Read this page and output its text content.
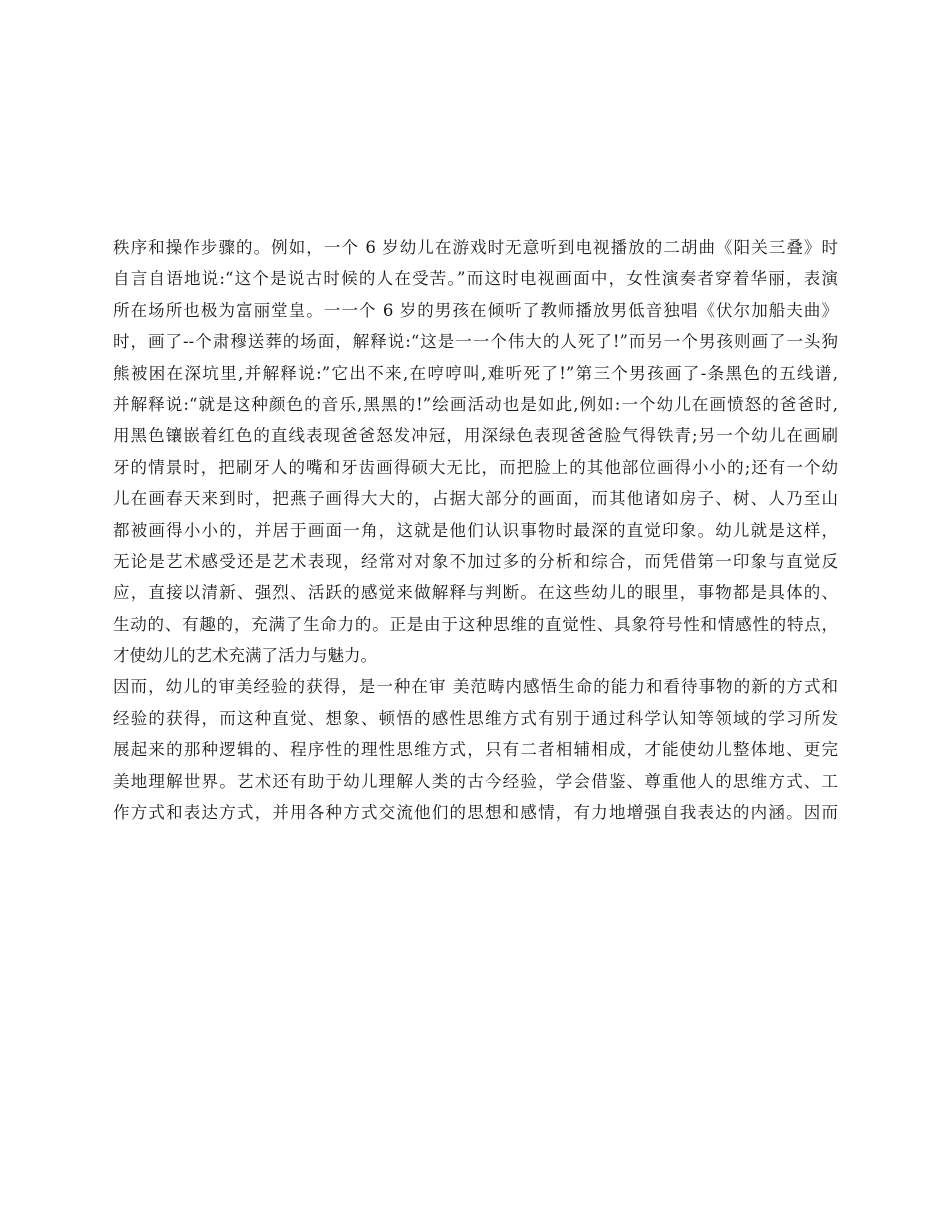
秩序和操作步骤的。例如，一个 6 岁幼儿在游戏时无意听到电视播放的二胡曲《阳关三叠》时
自言自语地说:“这个是说古时候的人在受苦。”而这时电视画面中，女性演奏者穿着华丽，表演
所在场所也极为富丽堂皇。一一个 6 岁的男孩在倾听了教师播放男低音独唱《伏尔加船夫曲》
时，画了--个肃穆送葬的场面，解释说:“这是一一个伟大的人死了!”而另一个男孩则画了一头狗
熊被困在深坑里,并解释说:”它出不来,在哼哼叫,难听死了!”第三个男孩画了-条黑色的五线谱,
并解释说:“就是这种颜色的音乐,黑黑的!”绘画活动也是如此,例如:一个幼儿在画愤怒的爸爸时,
用黑色镶嵌着红色的直线表现爸爸怒发冲冠，用深绿色表现爸爸脸气得铁青;另一个幼儿在画刷
牙的情景时，把刷牙人的嘴和牙齿画得硕大无比，而把脸上的其他部位画得小小的;还有一个幼
儿在画春天来到时，把燕子画得大大的，占据大部分的画面，而其他诸如房子、树、人乃至山
都被画得小小的，并居于画面一角，这就是他们认识事物时最深的直觉印象。幼儿就是这样，
无论是艺术感受还是艺术表现，经常对对象不加过多的分析和综合，而凭借第一印象与直觉反
应，直接以清新、强烈、活跃的感觉来做解释与判断。在这些幼儿的眼里，事物都是具体的、
生动的、有趣的，充满了生命力的。正是由于这种思维的直觉性、具象符号性和情感性的特点，
才使幼儿的艺术充满了活力与魅力。
因而，幼儿的审美经验的获得，是一种在审 美范畴内感悟生命的能力和看待事物的新的方式和
经验的获得，而这种直觉、想象、顿悟的感性思维方式有别于通过科学认知等领域的学习所发
展起来的那种逻辑的、程序性的理性思维方式，只有二者相辅相成，才能使幼儿整体地、更完
美地理解世界。艺术还有助于幼儿理解人类的古今经验，学会借鉴、尊重他人的思维方式、工
作方式和表达方式，并用各种方式交流他们的思想和感情，有力地增强自我表达的内涵。因而
